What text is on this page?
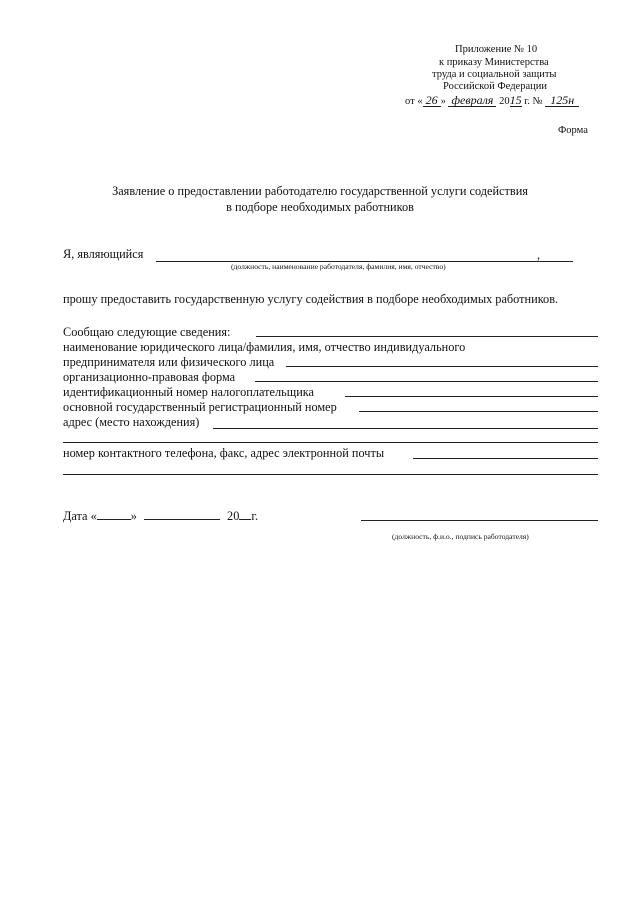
Приложение № 10
к приказу Министерства
труда и социальной защиты
Российской Федерации
от « 26 » февраля 2015 г. № 125н
Форма
Заявление о предоставлении работодателю государственной услуги содействия
в подборе необходимых работников
Я, являющийся	,
(должность, наименование работодателя, фамилия, имя, отчество)
прошу предоставить государственную услугу содействия в подборе необходимых работников.
Сообщаю следующие сведения:
наименование юридического лица/фамилия, имя, отчество индивидуального
предпринимателя или физического лица
организационно-правовая форма
идентификационный номер налогоплательщика
основной государственный регистрационный номер
адрес (место нахождения)
номер контактного телефона, факс, адрес электронной почты
Дата «	»	20 г.
(должность, ф.и.о., подпись работодателя)
